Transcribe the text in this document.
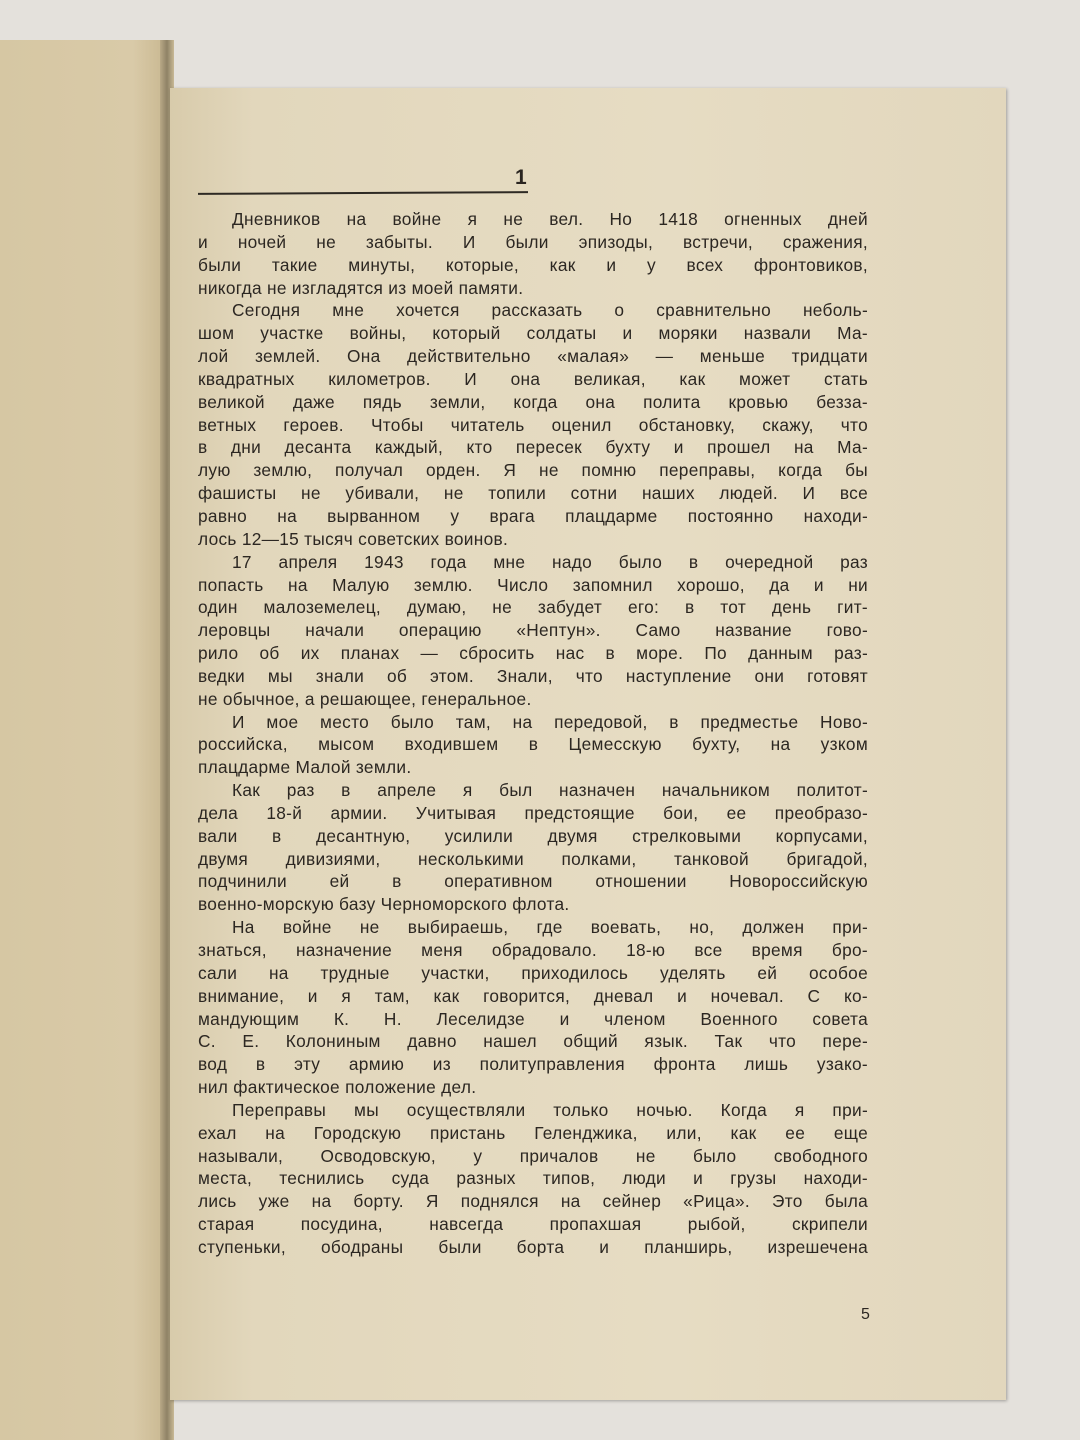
1
Дневников на войне я не вел. Но 1418 огненных дней
и ночей не забыты. И были эпизоды, встречи, сражения,
были такие минуты, которые, как и у всех фронтовиков,
никогда не изгладятся из моей памяти.
Сегодня мне хочется рассказать о сравнительно неболь-
шом участке войны, который солдаты и моряки назвали Ма-
лой землей. Она действительно «малая» — меньше тридцати
квадратных километров. И она великая, как может стать
великой даже пядь земли, когда она полита кровью безза-
ветных героев. Чтобы читатель оценил обстановку, скажу, что
в дни десанта каждый, кто пересек бухту и прошел на Ма-
лую землю, получал орден. Я не помню переправы, когда бы
фашисты не убивали, не топили сотни наших людей. И все
равно на вырванном у врага плацдарме постоянно находи-
лось 12—15 тысяч советских воинов.
17 апреля 1943 года мне надо было в очередной раз
попасть на Малую землю. Число запомнил хорошо, да и ни
один малоземелец, думаю, не забудет его: в тот день гит-
леровцы начали операцию «Нептун». Само название гово-
рило об их планах — сбросить нас в море. По данным раз-
ведки мы знали об этом. Знали, что наступление они готовят
не обычное, а решающее, генеральное.
И мое место было там, на передовой, в предместье Ново-
российска, мысом входившем в Цемесскую бухту, на узком
плацдарме Малой земли.
Как раз в апреле я был назначен начальником политот-
дела 18-й армии. Учитывая предстоящие бои, ее преобразо-
вали в десантную, усилили двумя стрелковыми корпусами,
двумя дивизиями, несколькими полками, танковой бригадой,
подчинили ей в оперативном отношении Новороссийскую
военно-морскую базу Черноморского флота.
На войне не выбираешь, где воевать, но, должен при-
знаться, назначение меня обрадовало. 18-ю все время бро-
сали на трудные участки, приходилось уделять ей особое
внимание, и я там, как говорится, дневал и ночевал. С ко-
мандующим К. Н. Леселидзе и членом Военного совета
С. Е. Колониным давно нашел общий язык. Так что пере-
вод в эту армию из политуправления фронта лишь узако-
нил фактическое положение дел.
Переправы мы осуществляли только ночью. Когда я при-
ехал на Городскую пристань Геленджика, или, как ее еще
называли, Осводовскую, у причалов не было свободного
места, теснились суда разных типов, люди и грузы находи-
лись уже на борту. Я поднялся на сейнер «Рица». Это была
старая посудина, навсегда пропахшая рыбой, скрипели
ступеньки, ободраны были борта и планширь, изрешечена
5
